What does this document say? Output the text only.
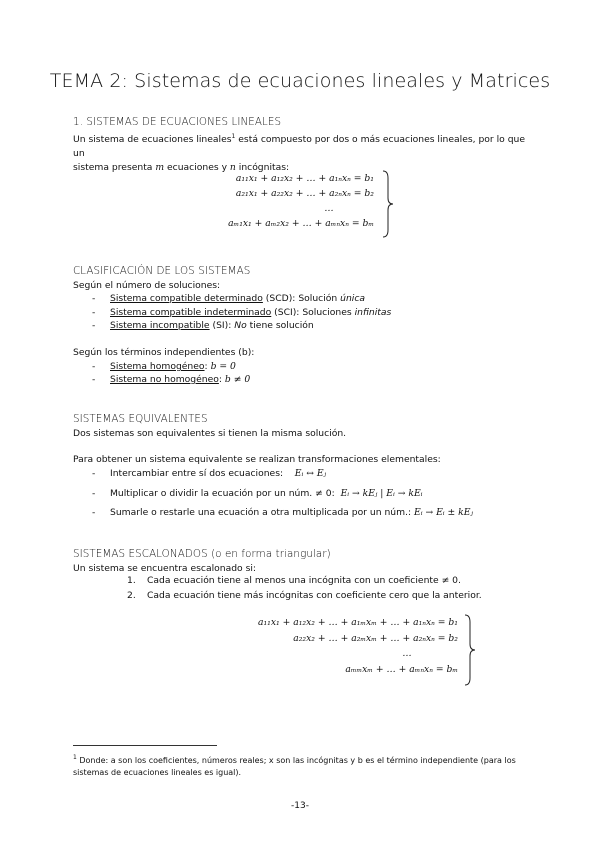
TEMA 2: Sistemas de ecuaciones lineales y Matrices
1. SISTEMAS DE ECUACIONES LINEALES
Un sistema de ecuaciones lineales$^1$ está compuesto por dos o más ecuaciones lineales, por lo que un
sistema presenta m ecuaciones y n incógnitas:
a₁₁x₁ + a₁₂x₂ + … + a₁ₙxₙ = b₁
a₂₁x₁ + a₂₂x₂ + … + a₂ₙxₙ = b₂
…
aₘ₁x₁ + aₘ₂x₂ + … + aₘₙxₙ = bₘ
CLASIFICACIÓN DE LOS SISTEMAS
Según el número de soluciones:
- Sistema compatible determinado (SCD): Solución única
- Sistema compatible indeterminado (SCI): Soluciones infinitas
- Sistema incompatible (SI): No tiene solución
Según los términos independientes (b):
- Sistema homogéneo: b = 0
- Sistema no homogéneo: b ≠ 0
SISTEMAS EQUIVALENTES
Dos sistemas son equivalentes si tienen la misma solución.
Para obtener un sistema equivalente se realizan transformaciones elementales:
- Intercambiar entre sí dos ecuaciones: Eᵢ ↔ Eⱼ
- Multiplicar o dividir la ecuación por un núm. ≠ 0: Eᵢ → kEⱼ | Eᵢ → kEᵢ
- Sumarle o restarle una ecuación a otra multiplicada por un núm.: Eᵢ → Eᵢ ± kEⱼ
SISTEMAS ESCALONADOS (o en forma triangular)
Un sistema se encuentra escalonado si:
1. Cada ecuación tiene al menos una incógnita con un coeficiente ≠ 0.
2. Cada ecuación tiene más incógnitas con coeficiente cero que la anterior.
a₁₁x₁ + a₁₂x₂ + … + a₁ₘxₘ + … + a₁ₙxₙ = b₁
a₂₂x₂ + … + a₂ₘxₘ + … + a₂ₙxₙ = b₂
…
aₘₘxₘ + … + aₘₙxₙ = bₘ
$^1$ Donde: a son los coeficientes, números reales; x son las incógnitas y b es el término independiente (para los sistemas de ecuaciones lineales es igual).
-13-
